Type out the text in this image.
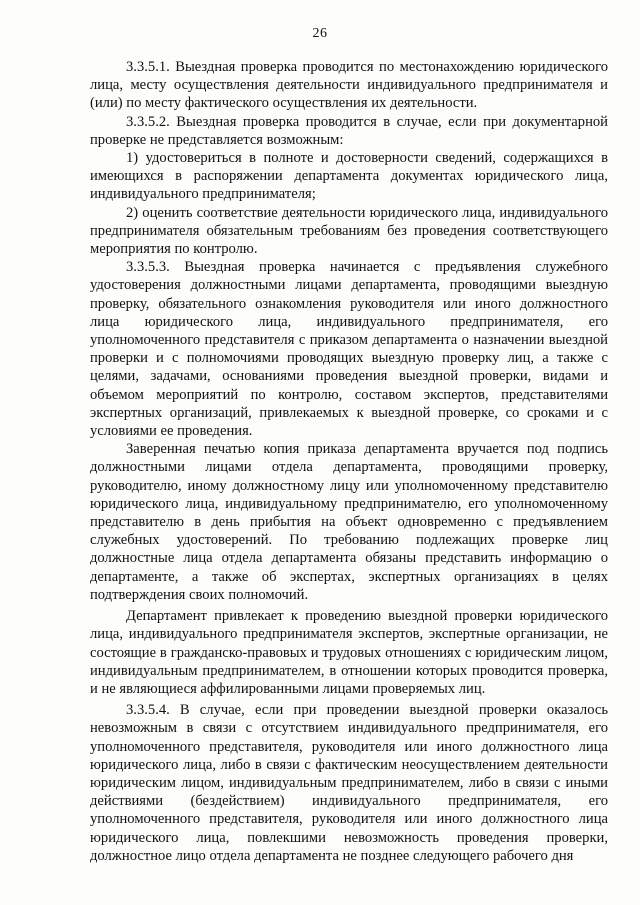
26

3.3.5.1. Выездная проверка проводится по местонахождению юридического лица, месту осуществления деятельности индивидуального предпринимателя и (или) по месту фактического осуществления их деятельности.

3.3.5.2. Выездная проверка проводится в случае, если при документарной проверке не представляется возможным:

1) удостовериться в полноте и достоверности сведений, содержащихся в имеющихся в распоряжении департамента документах юридического лица, индивидуального предпринимателя;

2) оценить соответствие деятельности юридического лица, индивидуального предпринимателя обязательным требованиям без проведения соответствующего мероприятия по контролю.

3.3.5.3. Выездная проверка начинается с предъявления служебного удостоверения должностными лицами департамента, проводящими выездную проверку, обязательного ознакомления руководителя или иного должностного лица юридического лица, индивидуального предпринимателя, его уполномоченного представителя с приказом департамента о назначении выездной проверки и с полномочиями проводящих выездную проверку лиц, а также с целями, задачами, основаниями проведения выездной проверки, видами и объемом мероприятий по контролю, составом экспертов, представителями экспертных организаций, привлекаемых к выездной проверке, со сроками и с условиями ее проведения.

Заверенная печатью копия приказа департамента вручается под подпись должностными лицами отдела департамента, проводящими проверку, руководителю, иному должностному лицу или уполномоченному представителю юридического лица, индивидуальному предпринимателю, его уполномоченному представителю в день прибытия на объект одновременно с предъявлением служебных удостоверений. По требованию подлежащих проверке лиц должностные лица отдела департамента обязаны представить информацию о департаменте, а также об экспертах, экспертных организациях в целях подтверждения своих полномочий.

Департамент привлекает к проведению выездной проверки юридического лица, индивидуального предпринимателя экспертов, экспертные организации, не состоящие в гражданско-правовых и трудовых отношениях с юридическим лицом, индивидуальным предпринимателем, в отношении которых проводится проверка, и не являющиеся аффилированными лицами проверяемых лиц.

3.3.5.4. В случае, если при проведении выездной проверки оказалось невозможным в связи с отсутствием индивидуального предпринимателя, его уполномоченного представителя, руководителя или иного должностного лица юридического лица, либо в связи с фактическим неосуществлением деятельности юридическим лицом, индивидуальным предпринимателем, либо в связи с иными действиями (бездействием) индивидуального предпринимателя, его уполномоченного представителя, руководителя или иного должностного лица юридического лица, повлекшими невозможность проведения проверки, должностное лицо отдела департамента не позднее следующего рабочего дня
